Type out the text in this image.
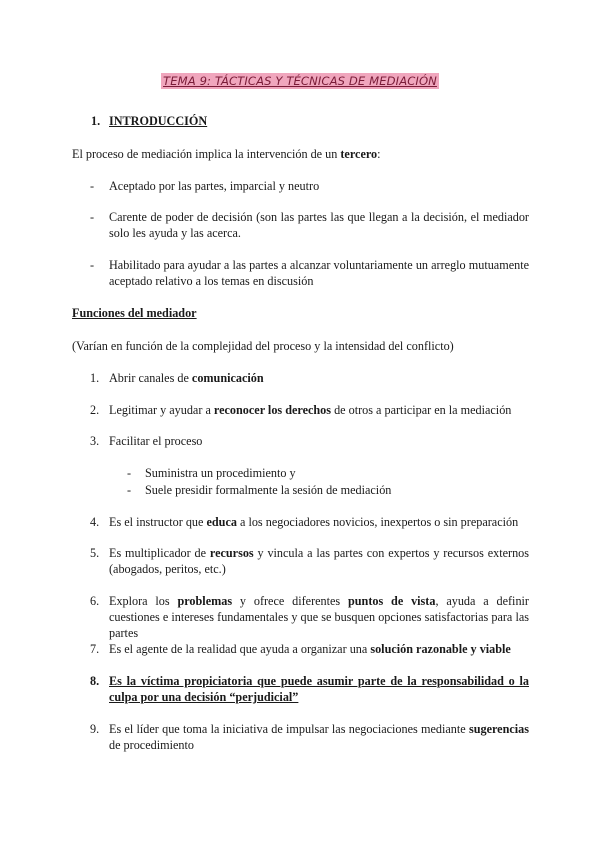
TEMA 9: TÁCTICAS Y TÉCNICAS DE MEDIACIÓN
1. INTRODUCCIÓN
El proceso de mediación implica la intervención de un tercero:
-	Aceptado por las partes, imparcial y neutro
-	Carente de poder de decisión (son las partes las que llegan a la decisión, el mediador solo les ayuda y las acerca.
-	Habilitado para ayudar a las partes a alcanzar voluntariamente un arreglo mutuamente aceptado relativo a los temas en discusión
Funciones del mediador
(Varían en función de la complejidad del proceso y la intensidad del conflicto)
1. Abrir canales de comunicación
2. Legitimar y ayudar a reconocer los derechos de otros a participar en la mediación
3. Facilitar el proceso
-	Suministra un procedimiento y
-	Suele presidir formalmente la sesión de mediación
4. Es el instructor que educa a los negociadores novicios, inexpertos o sin preparación
5. Es multiplicador de recursos y vincula a las partes con expertos y recursos externos (abogados, peritos, etc.)
6. Explora los problemas y ofrece diferentes puntos de vista, ayuda a definir cuestiones e intereses fundamentales y que se busquen opciones satisfactorias para las partes
7. Es el agente de la realidad que ayuda a organizar una solución razonable y viable
8. Es la víctima propiciatoria que puede asumir parte de la responsabilidad o la culpa por una decisión “perjudicial”
9. Es el líder que toma la iniciativa de impulsar las negociaciones mediante sugerencias de procedimiento
